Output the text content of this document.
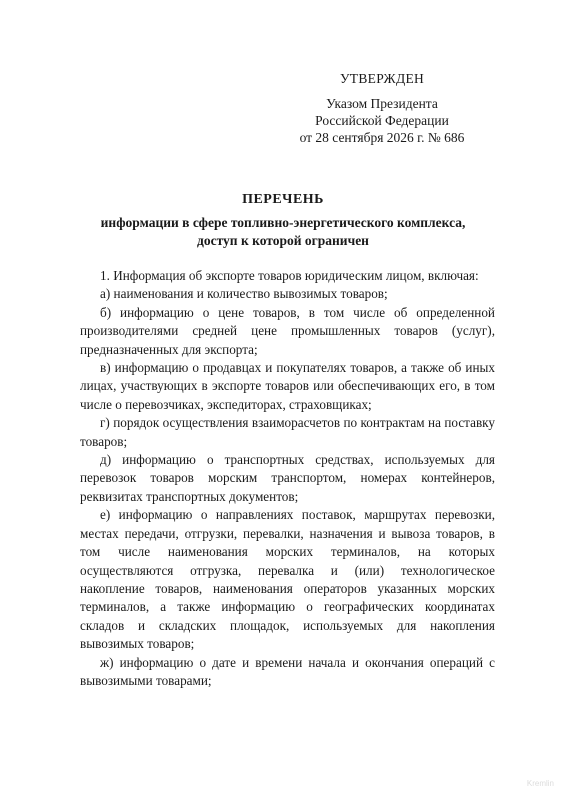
УТВЕРЖДЕН
Указом Президента
Российской Федерации
от 28 сентября 2026 г. № 686
ПЕРЕЧЕНЬ
информации в сфере топливно-энергетического комплекса,
доступ к которой ограничен

1. Информация об экспорте товаров юридическим лицом, включая:

а) наименования и количество вывозимых товаров;

б) информацию о цене товаров, в том числе об определенной производителями средней цене промышленных товаров (услуг), предназначенных для экспорта;

в) информацию о продавцах и покупателях товаров, а также об иных лицах, участвующих в экспорте товаров или обеспечивающих его, в том числе о перевозчиках, экспедиторах, страховщиках;

г) порядок осуществления взаиморасчетов по контрактам на поставку товаров;

д) информацию о транспортных средствах, используемых для перевозок товаров морским транспортом, номерах контейнеров, реквизитах транспортных документов;

е) информацию о направлениях поставок, маршрутах перевозки, местах передачи, отгрузки, перевалки, назначения и вывоза товаров, в том числе наименования морских терминалов, на которых осуществляются отгрузка, перевалка и (или) технологическое накопление товаров, наименования операторов указанных морских терминалов, а также информацию о географических координатах складов и складских площадок, используемых для накопления вывозимых товаров;

ж) информацию о дате и времени начала и окончания операций с вывозимыми товарами;

Kremlin
